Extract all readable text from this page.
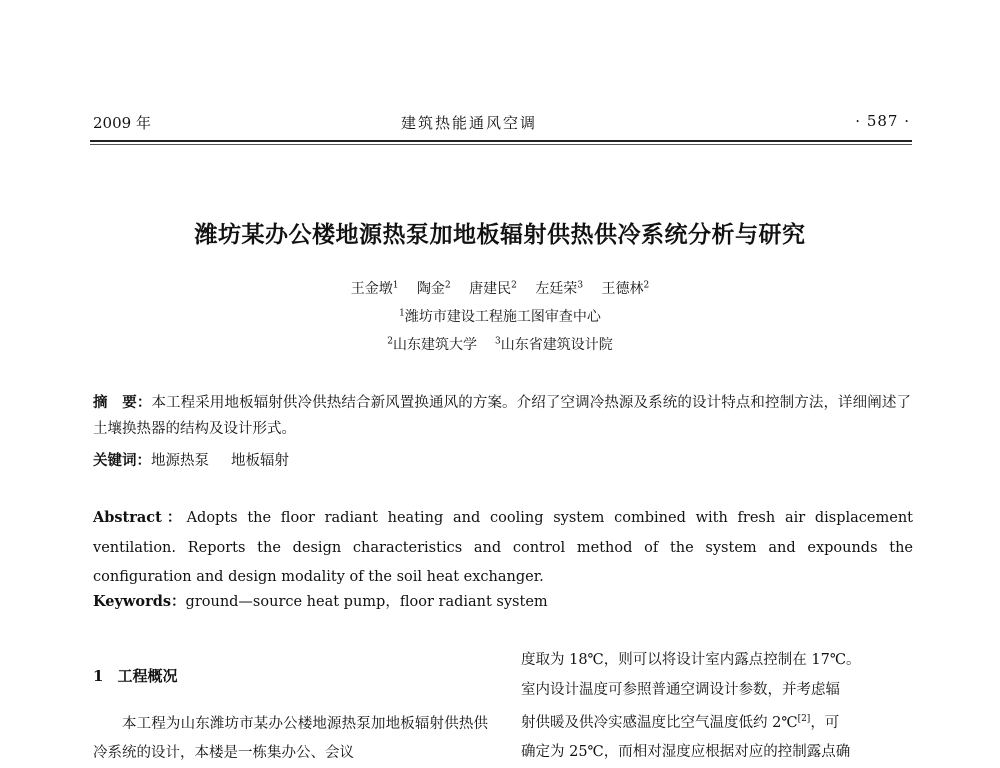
2009 年	建筑热能通风空调	· 587 ·
潍坊某办公楼地源热泵加地板辐射供热供冷系统分析与研究
王金墩$^1$ 陶金$^2$ 唐建民$^2$ 左廷荣$^3$ 王德林$^2$
$^1$潍坊市建设工程施工图审查中心
$^2$山东建筑大学 $^3$山东省建筑设计院
摘　要：本工程采用地板辐射供冷供热结合新风置换通风的方案。介绍了空调冷热源及系统的设计特点和控制方法，详细阐述了土壤换热器的结构及设计形式。
关键词：地源热泵 地板辐射
Abstract：Adopts the floor radiant heating and cooling system combined with fresh air displacement ventilation. Reports the design characteristics and control method of the system and expounds the configuration and design modality of the soil heat exchanger.
Keywords：ground—source heat pump，floor radiant system
1 工程概况
本工程为山东潍坊市某办公楼地源热泵加地板辐射供热供冷系统的设计，本楼是一栋集办公、会议
度取为 18℃，则可以将设计室内露点控制在 17℃。
室内设计温度可参照普通空调设计参数，并考虑辐
射供暖及供冷实感温度比空气温度低约 2℃[2]，可
确定为 25℃，而相对湿度应根据对应的控制露点确
